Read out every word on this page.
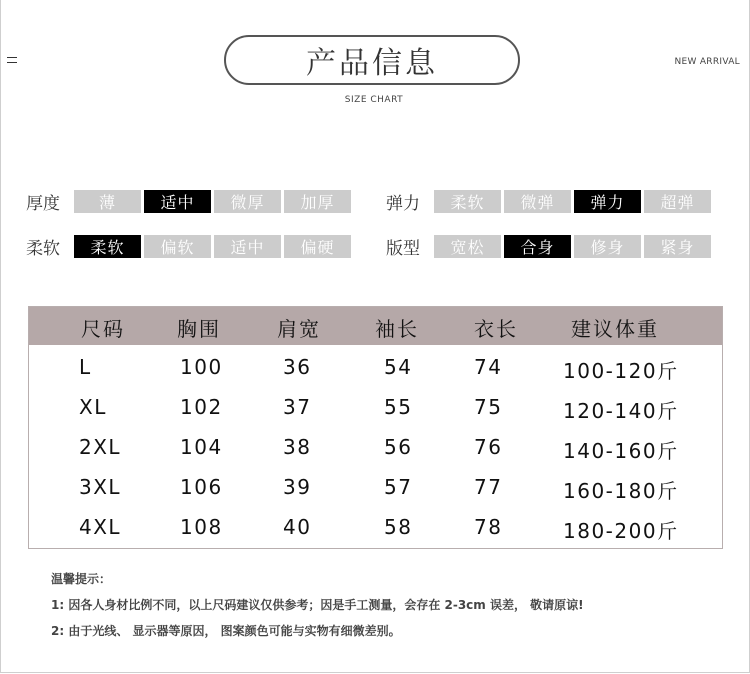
产品信息
SIZE CHART
NEW ARRIVAL
厚度	薄	适中	微厚	加厚	弹力	柔软	微弹	弹力	超弹
柔软	柔软	偏软	适中	偏硬	版型	宽松	合身	修身	紧身
尺码	胸围	肩宽	袖长	衣长	建议体重
L	100	36	54	74	100-120斤
XL	102	37	55	75	120-140斤
2XL	104	38	56	76	140-160斤
3XL	106	39	57	77	160-180斤
4XL	108	40	58	78	180-200斤
温馨提示：
1: 因各人身材比例不同，以上尺码建议仅供参考；因是手工测量，会存在 2-3cm 误差， 敬请原谅!
2: 由于光线、 显示器等原因， 图案颜色可能与实物有细微差别。
